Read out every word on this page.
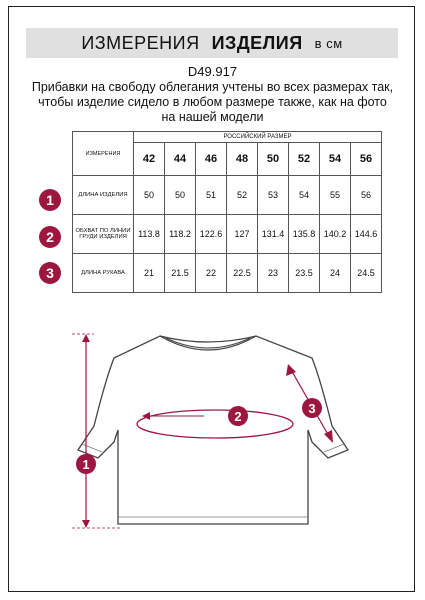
ИЗМЕРЕНИЯ ИЗДЕЛИЯ в см
D49.917
Прибавки на свободу облегания учтены во всех размерах так, чтобы изделие сидело в любом размере также, как на фото на нашей модели
ИЗМЕРЕНИЯ	РОССИЙСКИЙ РАЗМЕР							
	42	44	46	48	50	52	54	56
ДЛИНА ИЗДЕЛИЯ	50	50	51	52	53	54	55	56
ОБХВАТ ПО ЛИНИИ ГРУДИ ИЗДЕЛИЯ	113.8	118.2	122.6	127	131.4	135.8	140.2	144.6
ДЛИНА РУКАВА	21	21.5	22	22.5	23	23.5	24	24.5
1
2
3
1
2
3
